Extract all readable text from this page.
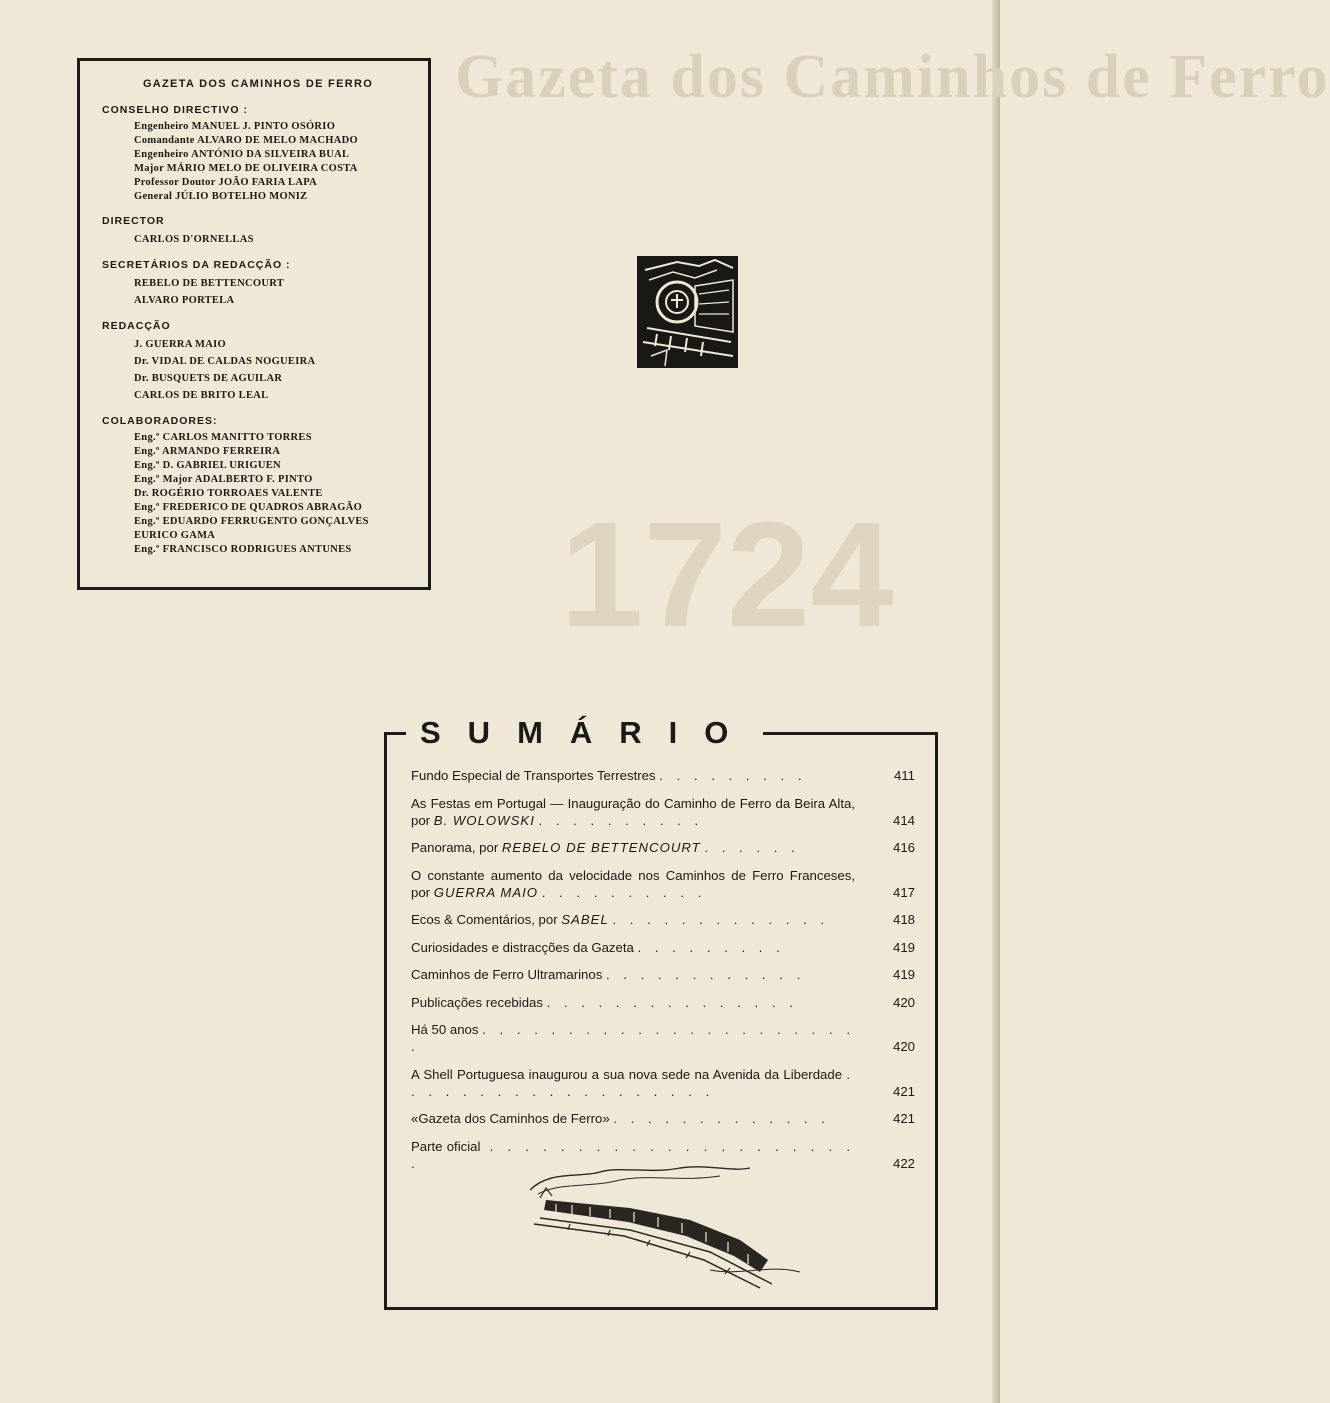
Gazeta dos Caminhos de Ferro
1724
GAZETA DOS CAMINHOS DE FERRO
CONSELHO DIRECTIVO :
Engenheiro MANUEL J. PINTO OSÓRIO
Comandante ALVARO DE MELO MACHADO
Engenheiro ANTÓNIO DA SILVEIRA BUAL
Major MÁRIO MELO DE OLIVEIRA COSTA
Professor Doutor JOÃO FARIA LAPA
General JÚLIO BOTELHO MONIZ
DIRECTOR
CARLOS D'ORNELLAS
SECRETÁRIOS DA REDACÇÃO :
REBELO DE BETTENCOURT
ALVARO PORTELA
REDACÇÃO
J. GUERRA MAIO
Dr. VIDAL DE CALDAS NOGUEIRA
Dr. BUSQUETS DE AGUILAR
CARLOS DE BRITO LEAL
COLABORADORES:
Eng.º CARLOS MANITTO TORRES
Eng.º ARMANDO FERREIRA
Eng.º D. GABRIEL URIGUEN
Eng.º Major ADALBERTO F. PINTO
Dr. ROGÉRIO TORROAES VALENTE
Eng.º FREDERICO DE QUADROS ABRAGÃO
Eng.º EDUARDO FERRUGENTO GONÇALVES
EURICO GAMA
Eng.º FRANCISCO RODRIGUES ANTUNES
SUMÁRIO
Fundo Especial de Transportes Terrestres . . . . . . . . .	411
As Festas em Portugal — Inauguração do Caminho de Ferro da Beira Alta, por B. WOLOWSKI . . . . . . . . . .	414
Panorama, por REBELO DE BETTENCOURT . . . . . .	416
O constante aumento da velocidade nos Caminhos de Ferro Franceses, por GUERRA MAIO . . . . . . . . . .	417
Ecos & Comentários, por SABEL . . . . . . . . . . . . .	418
Curiosidades e distracções da Gazeta . . . . . . . . .	419
Caminhos de Ferro Ultramarinos . . . . . . . . . . . .	419
Publicações recebidas . . . . . . . . . . . . . . .	420
Há 50 anos . . . . . . . . . . . . . . . . . . . . . . .	420
A Shell Portuguesa inaugurou a sua nova sede na Avenida da Liberdade . . . . . . . . . . . . . . . . . . .	421
«Gazeta dos Caminhos de Ferro» . . . . . . . . . . . . .	421
Parte oficial . . . . . . . . . . . . . . . . . . . . . .	422
